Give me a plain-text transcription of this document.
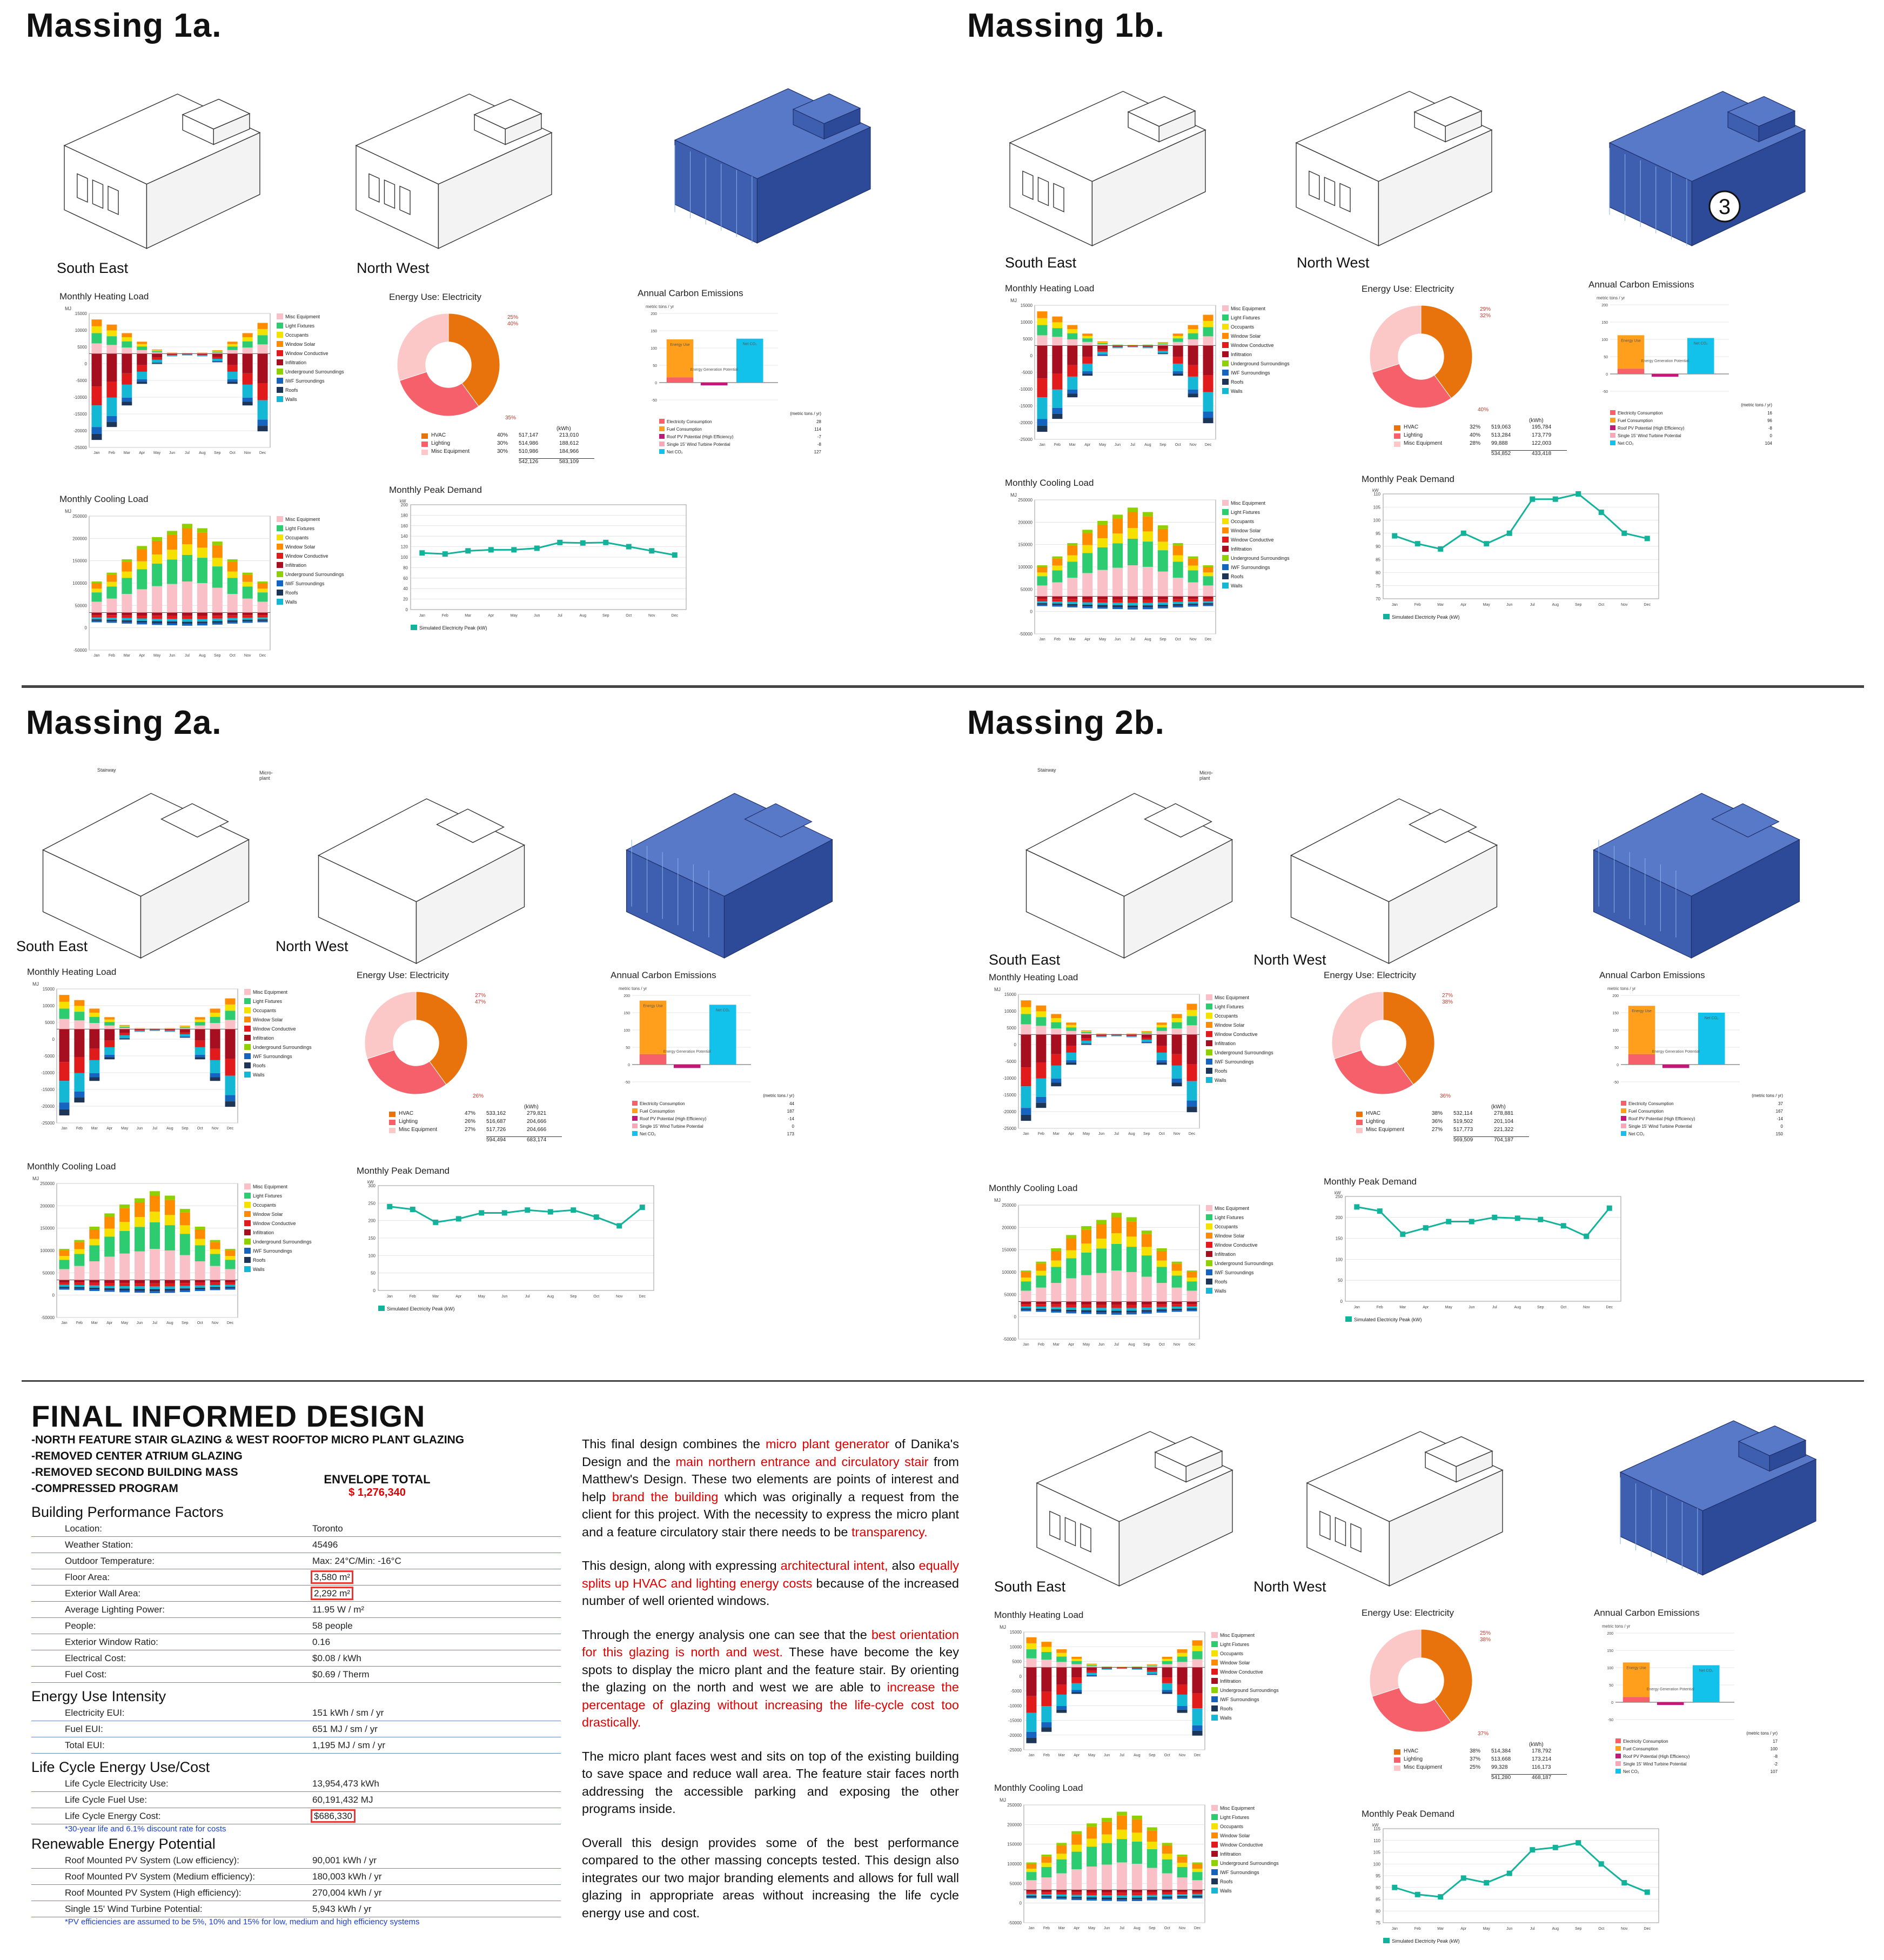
Massing 1a.	Massing 1b.
Massing 2a.	Massing 2b.
South East	North West
Monthly Heating Load
MJ
15000
10000
5000
0
-5000
-10000
-15000
-20000
-25000
Jan Feb Mar Apr May Jun	Jul Aug Sep Oct Nov Dec
Misc Equipment
Light Fixtures
Occupants
Window Solar
Window Conductive
Infiltration
Underground Surroundings
IWF Surroundings
Roofs
Walls
Monthly Cooling Load
MJ
250000
200000
150000
100000
50000
0
-50000
Jan Feb Mar Apr May Jun	Jul Aug Sep Oct Nov Dec
Misc Equipment
Light Fixtures
Occupants
Window Solar
Window Conductive
Infiltration
Underground Surroundings
IWF Surroundings
Roofs
Walls
Energy Use: Electricity
25%
40%
35%
Annual Carbon Emissions
metric tons / yr
200
150
100
50
0
-50
Energy Use
Energy Generation Potential
Net CO₂
Electricity Consumption	28
Fuel Consumption	114
Roof PV Potential (High Efficiency)	-7
Single 15' Wind Turbine Potential	-8
Net CO₂	127
(metric tons / yr)
Monthly Peak Demand
kW
200
180
160
140
120
100
80
60
40
20
0
Jan	Feb	Mar	Apr	May	Jun	Jul	Aug	Sep	Oct	Nov	Dec
Simulated Electricity Peak (kW)
(kWh)
HVAC	40% 517,147	213,010
Lighting	30% 514,986	188,612
Misc Equipment	30% 510,986	184,966
542,126	583,109
South East	North West
Monthly Heating Load
MJ
15000
10000
5000
0
-5000
-10000
-15000
-20000
-25000
Jan Feb Mar Apr May Jun	Jul Aug Sep Oct Nov Dec
Misc Equipment
Light Fixtures
Occupants
Window Solar
Window Conductive
Infiltration
Underground Surroundings
IWF Surroundings
Roofs
Walls
Monthly Cooling Load
MJ
250000
200000
150000
100000
50000
0
-50000
Jan Feb Mar Apr May Jun	Jul Aug Sep Oct Nov Dec
Misc Equipment
Light Fixtures
Occupants
Window Solar
Window Conductive
Infiltration
Underground Surroundings
IWF Surroundings
Roofs
Walls
Energy Use: Electricity
29%
32%
40%
Annual Carbon Emissions
metric tons / yr
200
150
100
50
0
-50
Energy Use
Energy Generation Potential
Net CO₂
Electricity Consumption	16
Fuel Consumption	96
Roof PV Potential (High Efficiency)	-8
Single 15' Wind Turbine Potential	0
Net CO₂	104
(metric tons / yr)
Monthly Peak Demand
kW
110
105
100
95
90
85
80
75
70
Jan	Feb	Mar	Apr	May	Jun	Jul	Aug	Sep	Oct	Nov	Dec
Simulated Electricity Peak (kW)
3
(kWh)
HVAC	32% 519,063	195,784
Lighting	40% 513,284	173,779
Misc Equipment	28% 99,888	122,003
534,852	433,418
South East	North West
Monthly Heating Load
MJ
15000
10000
5000
0
-5000
-10000
-15000
-20000
-25000
Jan Feb Mar Apr May Jun	Jul Aug Sep Oct Nov Dec
Misc Equipment
Light Fixtures
Occupants
Window Solar
Window Conductive
Infiltration
Underground Surroundings
IWF Surroundings
Roofs
Walls
Monthly Cooling Load
MJ
250000
200000
150000
100000
50000
0
-50000
Jan Feb Mar Apr May Jun	Jul Aug Sep Oct Nov Dec
Misc Equipment
Light Fixtures
Occupants
Window Solar
Window Conductive
Infiltration
Underground Surroundings
IWF Surroundings
Roofs
Walls
Energy Use: Electricity
27%
47%
26%
Annual Carbon Emissions
metric tons / yr
200
150
100
50
0
-50
Energy Use
Energy Generation Potential
Net CO₂
Electricity Consumption	44
Fuel Consumption	187
Roof PV Potential (High Efficiency)	-14
Single 15' Wind Turbine Potential	0
Net CO₂	173
(metric tons / yr)
Monthly Peak Demand
kW
300
250
200
150
100
50
0
Jan	Feb	Mar	Apr	May	Jun	Jul	Aug	Sep	Oct	Nov	Dec
Simulated Electricity Peak (kW)
(kWh)
HVAC	47% 533,162	279,821
Lighting	26% 516,687	204,666
Misc Equipment	27% 517,726	204,666
594,494	683,174
Stairway	Micro-plant
South East	North West
Monthly Heating Load
MJ
15000
10000
5000
0
-5000
-10000
-15000
-20000
-25000
Jan Feb Mar Apr May Jun	Jul Aug Sep Oct Nov Dec
Misc Equipment
Light Fixtures
Occupants
Window Solar
Window Conductive
Infiltration
Underground Surroundings
IWF Surroundings
Roofs
Walls
Monthly Cooling Load
MJ
250000
200000
150000
100000
50000
0
-50000
Jan Feb Mar Apr May Jun	Jul Aug Sep Oct Nov Dec
Misc Equipment
Light Fixtures
Occupants
Window Solar
Window Conductive
Infiltration
Underground Surroundings
IWF Surroundings
Roofs
Walls
Energy Use: Electricity
27%
38%
36%
Annual Carbon Emissions
metric tons / yr
200
150
100
50
0
-50
Energy Use
Energy Generation Potential
Net CO₂
Electricity Consumption	37
Fuel Consumption	167
Roof PV Potential (High Efficiency)	-14
Single 15' Wind Turbine Potential	0
Net CO₂	150
(metric tons / yr)
Monthly Peak Demand
kW
250
200
150
100
50
0
Jan	Feb	Mar	Apr	May	Jun	Jul	Aug	Sep	Oct	Nov	Dec
Simulated Electricity Peak (kW)
(kWh)
HVAC	38% 532,114	278,881
Lighting	36% 519,502	201,104
Misc Equipment	27% 517,773	221,322
569,509	704,187
Stairway	Micro-plant
South East	North West
Monthly Heating Load
MJ
15000
10000
5000
0
-5000
-10000
-15000
-20000
-25000
Jan Feb Mar Apr May Jun	Jul Aug Sep Oct Nov Dec
Misc Equipment
Light Fixtures
Occupants
Window Solar
Window Conductive
Infiltration
Underground Surroundings
IWF Surroundings
Roofs
Walls
Monthly Cooling Load
MJ
250000
200000
150000
100000
50000
0
-50000
Jan Feb Mar Apr May Jun	Jul Aug Sep Oct Nov Dec
Misc Equipment
Light Fixtures
Occupants
Window Solar
Window Conductive
Infiltration
Underground Surroundings
IWF Surroundings
Roofs
Walls
Energy Use: Electricity
25%
38%
37%
Annual Carbon Emissions
metric tons / yr
200
150
100
50
0
-50
Energy Use
Energy Generation Potential
Net CO₂
Electricity Consumption	17
Fuel Consumption	100
Roof PV Potential (High Efficiency)	-8
Single 15' Wind Turbine Potential	-2
Net CO₂	107
(metric tons / yr)
Monthly Peak Demand
kW
115
110
105
100
95
90
85
80
75
Jan	Feb	Mar	Apr	May	Jun	Jul	Aug	Sep	Oct	Nov	Dec
Simulated Electricity Peak (kW)
(kWh)
HVAC	38% 514,384	178,792
Lighting	37% 513,668	173,214
Misc Equipment	25% 99,328	116,173
541,280	468,187
FINAL INFORMED DESIGN
-NORTH FEATURE STAIR GLAZING & WEST ROOFTOP MICRO PLANT GLAZING
-REMOVED CENTER ATRIUM GLAZING
-REMOVED SECOND BUILDING MASS
-COMPRESSED PROGRAM
ENVELOPE TOTAL
$ 1,276,340
Building Performance Factors
Location:	Toronto
Weather Station:	45496
Outdoor Temperature:	Max: 24°C/Min: -16°C
Floor Area:	3,580 m²
Exterior Wall Area:	2,292 m²
Average Lighting Power:	11.95 W / m²
People:	58 people
Exterior Window Ratio:	0.16
Electrical Cost:	$0.08 / kWh
Fuel Cost:	$0.69 / Therm
Energy Use Intensity
Electricity EUI:	151 kWh / sm / yr
Fuel EUI:	651 MJ / sm / yr
Total EUI:	1,195 MJ / sm / yr
Life Cycle Energy Use/Cost
Life Cycle Electricity Use:	13,954,473 kWh
Life Cycle Fuel Use:	60,191,432 MJ
Life Cycle Energy Cost:	$686,330
*30-year life and 6.1% discount rate for costs
Renewable Energy Potential
Roof Mounted PV System (Low efficiency):	90,001 kWh / yr
Roof Mounted PV System (Medium efficiency):	180,003 kWh / yr
Roof Mounted PV System (High efficiency):	270,004 kWh / yr
Single 15' Wind Turbine Potential:	5,943 kWh / yr
*PV efficiencies are assumed to be 5%, 10% and 15% for low, medium and high efficiency systems

This final design combines the micro plant generator of Danika's Design and the main northern entrance and circulatory stair from Matthew's Design. These two elements are points of interest and help brand the building which was originally a request from the client for this project. With the necessity to express the micro plant and a feature circulatory stair there needs to be transparency.

This design, along with expressing architectural intent, also equally splits up HVAC and lighting energy costs because of the increased number of well oriented windows.

Through the energy analysis one can see that the best orientation for this glazing is north and west. These have become the key spots to display the micro plant and the feature stair. By orienting the glazing on the north and west we are able to increase the percentage of glazing without increasing the life-cycle cost too drastically.

The micro plant faces west and sits on top of the existing building to save space and reduce wall area. The feature stair faces north addressing the accessible parking and exposing the other programs inside.

Overall this design provides some of the best performance compared to the other massing concepts tested. This design also integrates our two major branding elements and allows for full wall glazing in appropriate areas without increasing the life cycle energy use and cost.
